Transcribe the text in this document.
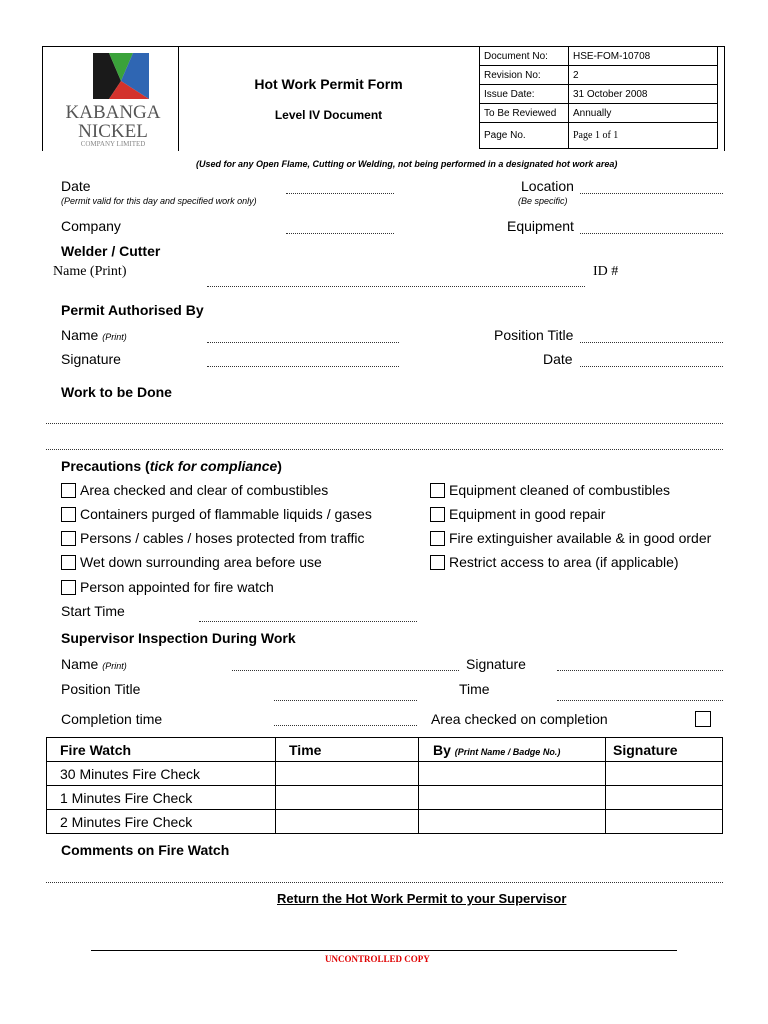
KABANGA
NICKEL
COMPANY LIMITED
Hot Work Permit Form
Level IV Document
Document No:	HSE-FOM-10708
Revision No:	2
Issue Date:	31 October 2008
To Be Reviewed	Annually
Page No.	Page 1 of 1
(Used for any Open Flame, Cutting or Welding, not being performed in a designated hot work area)
Date
(Permit valid for this day and specified work only)
Location
(Be specific)
Company	Equipment
Welder / Cutter
Name (Print)	ID #
Permit Authorised By
Name (Print)	Position Title
Signature	Date
Work to be Done
Precautions (tick for compliance)
Area checked and clear of combustibles
Containers purged of flammable liquids / gases
Persons / cables / hoses protected from traffic
Wet down surrounding area before use
Person appointed for fire watch
Equipment cleaned of combustibles
Equipment in good repair
Fire extinguisher available & in good order
Restrict access to area (if applicable)
Start Time
Supervisor Inspection During Work
Name (Print)	Signature
Position Title	Time
Completion time	Area checked on completion
Fire Watch	Time	By (Print Name / Badge No.)	Signature
30 Minutes Fire Check			
1 Minutes Fire Check			
2 Minutes Fire Check			
Comments on Fire Watch
Return the Hot Work Permit to your Supervisor
UNCONTROLLED COPY
